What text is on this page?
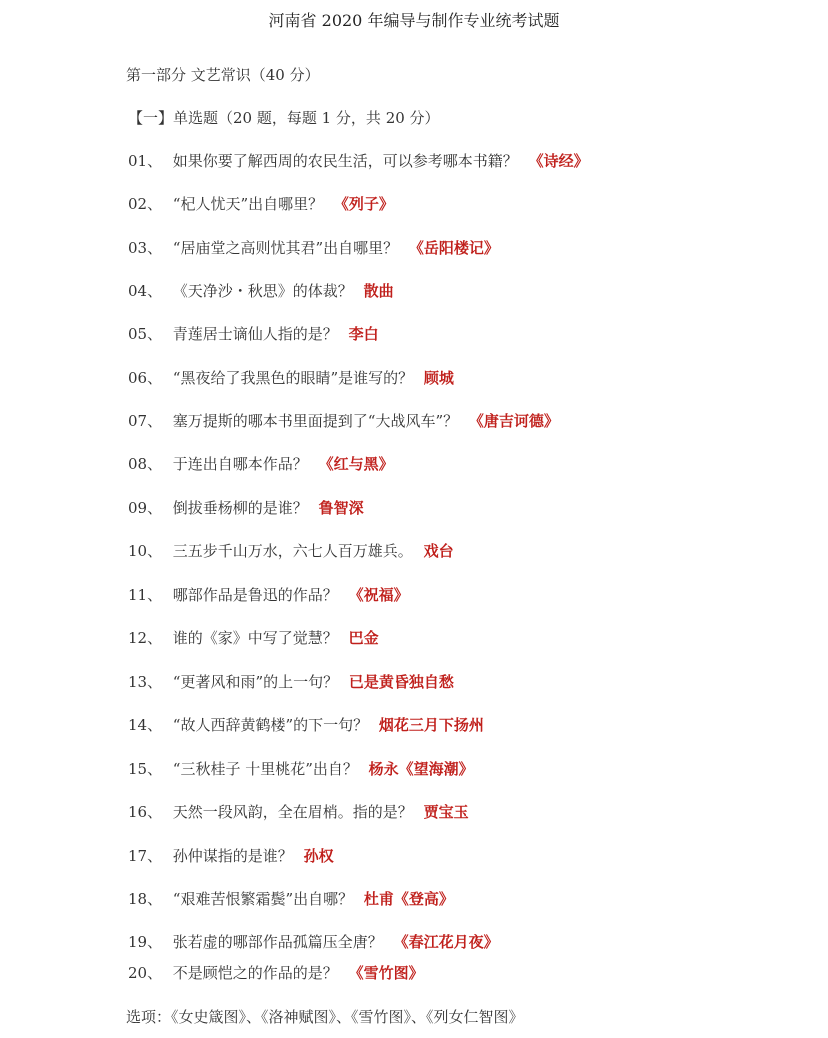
河南省 2020 年编导与制作专业统考试题
第一部分 文艺常识（40 分）
【一】单选题（20 题，每题 1 分，共 20 分）
01、 如果你要了解西周的农民生活，可以参考哪本书籍？ 《诗经》
02、 “杞人忧天”出自哪里？ 《列子》
03、 “居庙堂之高则忧其君”出自哪里？ 《岳阳楼记》
04、 《天净沙・秋思》的体裁？ 散曲
05、 青莲居士谪仙人指的是？ 李白
06、 “黑夜给了我黑色的眼睛”是谁写的？ 顾城
07、 塞万提斯的哪本书里面提到了“大战风车”？ 《唐吉诃德》
08、 于连出自哪本作品？ 《红与黑》
09、 倒拔垂杨柳的是谁？ 鲁智深
10、 三五步千山万水，六七人百万雄兵。 戏台
11、 哪部作品是鲁迅的作品？ 《祝福》
12、 谁的《家》中写了觉慧？ 巴金
13、 “更著风和雨”的上一句？ 已是黄昏独自愁
14、 “故人西辞黄鹤楼”的下一句？ 烟花三月下扬州
15、 “三秋桂子 十里桃花”出自？ 杨永《望海潮》
16、 天然一段风韵，全在眉梢。指的是？ 贾宝玉
17、 孙仲谋指的是谁？ 孙权
18、 “艰难苦恨繁霜鬓”出自哪？ 杜甫《登高》
19、 张若虚的哪部作品孤篇压全唐？ 《春江花月夜》
20、 不是顾恺之的作品的是？ 《雪竹图》
选项：《女史箴图》、《洛神赋图》、《雪竹图》、《列女仁智图》
